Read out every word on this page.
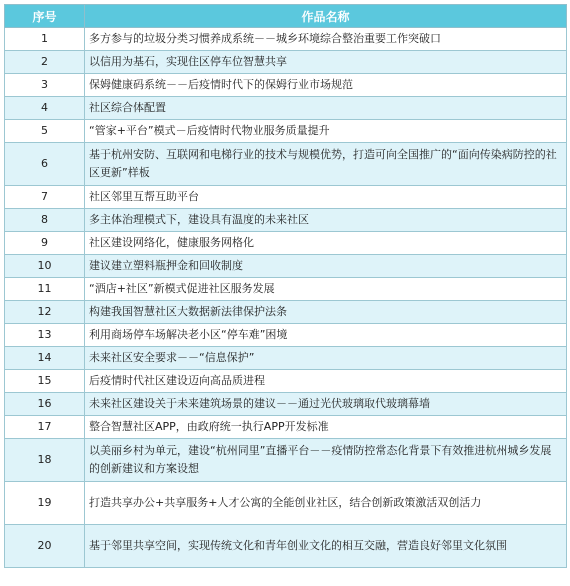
序号	作品名称
1	多方参与的垃圾分类习惯养成系统－－城乡环境综合整治重要工作突破口
2	以信用为基石，实现住区停车位智慧共享
3	保姆健康码系统－－后疫情时代下的保姆行业市场规范
4	社区综合体配置
5	“管家+平台”模式－后疫情时代物业服务质量提升
6	基于杭州安防、互联网和电梯行业的技术与规模优势，打造可向全国推广的“面向传染病防控的社区更新”样板
7	社区邻里互帮互助平台
8	多主体治理模式下，建设具有温度的未来社区
9	社区建设网络化，健康服务网格化
10	建议建立塑料瓶押金和回收制度
11	“酒店+社区”新模式促进社区服务发展
12	构建我国智慧社区大数据新法律保护法条
13	利用商场停车场解决老小区“停车难”困境
14	未来社区安全要求－－“信息保护”
15	后疫情时代社区建设迈向高品质进程
16	未来社区建设关于未来建筑场景的建议－－通过光伏玻璃取代玻璃幕墙
17	整合智慧社区APP，由政府统一执行APP开发标准
18	以美丽乡村为单元，建设“杭州同里”直播平台－－疫情防控常态化背景下有效推进杭州城乡发展的创新建议和方案设想
19	打造共享办公+共享服务+人才公寓的全能创业社区，结合创新政策激活双创活力
20	基于邻里共享空间，实现传统文化和青年创业文化的相互交融，营造良好邻里文化氛围
